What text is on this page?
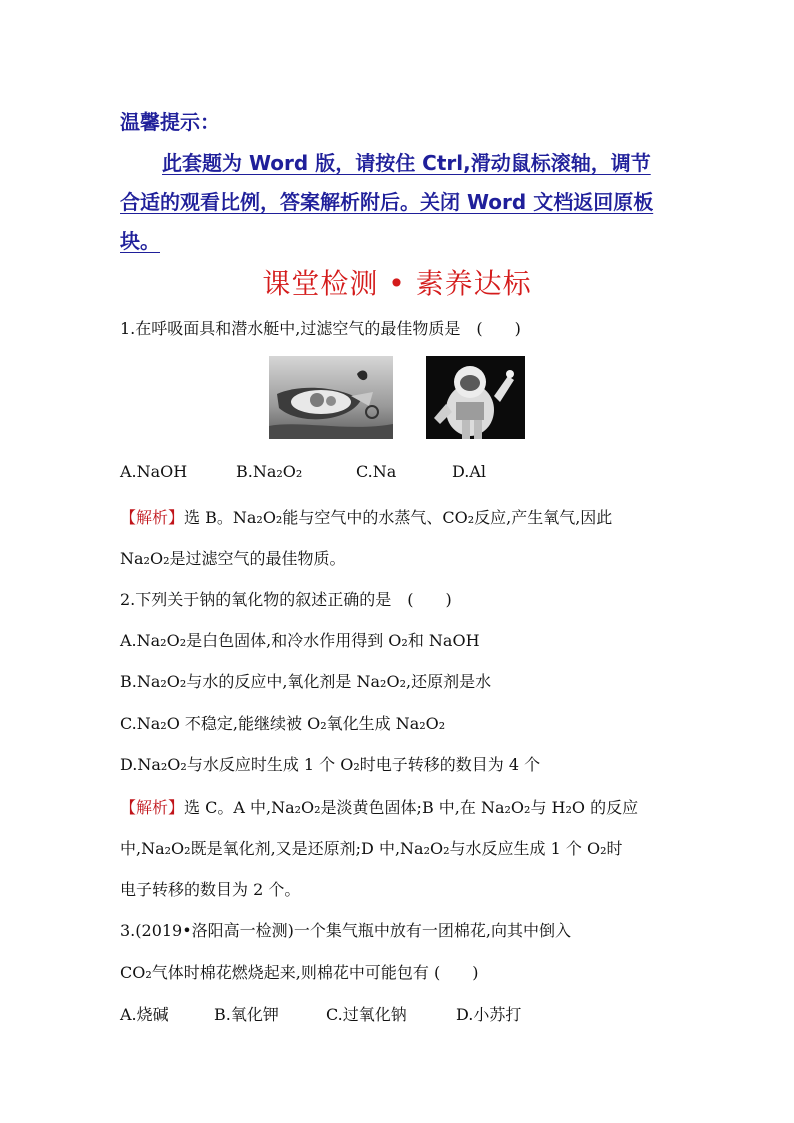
温馨提示：
此套题为 Word 版，请按住 Ctrl,滑动鼠标滚轴，调节
合适的观看比例，答案解析附后。关闭 Word 文档返回原板
块。
课堂检测 • 素养达标
1.在呼吸面具和潜水艇中,过滤空气的最佳物质是　(　　)
A.NaOH	B.Na₂O₂	C.Na	D.Al
【解析】选 B。Na₂O₂能与空气中的水蒸气、CO₂反应,产生氧气,因此
Na₂O₂是过滤空气的最佳物质。
2.下列关于钠的氧化物的叙述正确的是　(　　)
A.Na₂O₂是白色固体,和冷水作用得到 O₂和 NaOH
B.Na₂O₂与水的反应中,氧化剂是 Na₂O₂,还原剂是水
C.Na₂O 不稳定,能继续被 O₂氧化生成 Na₂O₂
D.Na₂O₂与水反应时生成 1 个 O₂时电子转移的数目为 4 个
【解析】选 C。A 中,Na₂O₂是淡黄色固体;B 中,在 Na₂O₂与 H₂O 的反应
中,Na₂O₂既是氧化剂,又是还原剂;D 中,Na₂O₂与水反应生成 1 个 O₂时
电子转移的数目为 2 个。
3.(2019•洛阳高一检测)一个集气瓶中放有一团棉花,向其中倒入
CO₂气体时棉花燃烧起来,则棉花中可能包有 (　　)
A.烧碱	B.氧化钾	C.过氧化钠	D.小苏打
